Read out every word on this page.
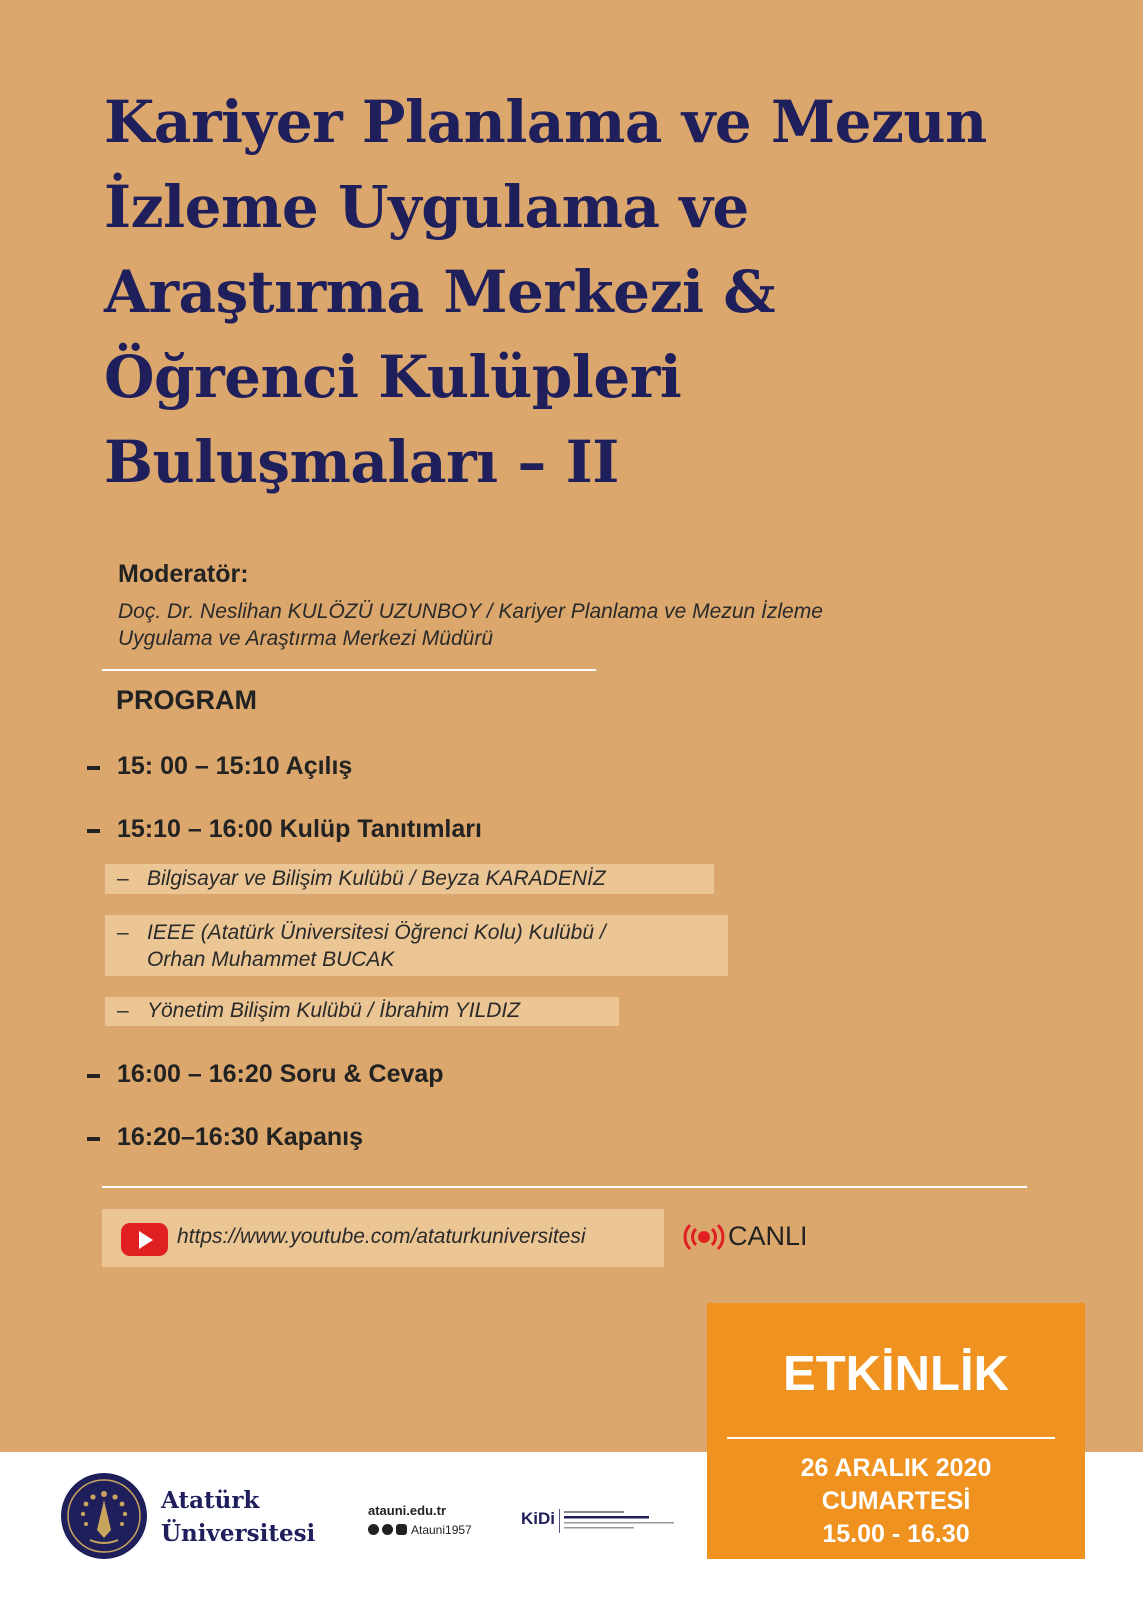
Kariyer Planlama ve Mezun
İzleme Uygulama ve
Araştırma Merkezi &
Öğrenci Kulüpleri
Buluşmaları – II
Moderatör:
Doç. Dr. Neslihan KULÖZÜ UZUNBOY / Kariyer Planlama ve Mezun İzleme
Uygulama ve Araştırma Merkezi Müdürü
PROGRAM
15: 00 – 15:10 Açılış
15:10 – 16:00 Kulüp Tanıtımları
– Bilgisayar ve Bilişim Kulübü / Beyza KARADENİZ
– IEEE (Atatürk Üniversitesi Öğrenci Kolu) Kulübü /
Orhan Muhammet BUCAK
– Yönetim Bilişim Kulübü / İbrahim YILDIZ
16:00 – 16:20 Soru & Cevap
16:20–16:30 Kapanış
https://www.youtube.com/ataturkuniversitesi	CANLI
Atatürk
Üniversitesi
atauni.edu.tr
Atauni1957
KiDi
ETKİNLİK
26 ARALIK 2020
CUMARTESİ
15.00 - 16.30
